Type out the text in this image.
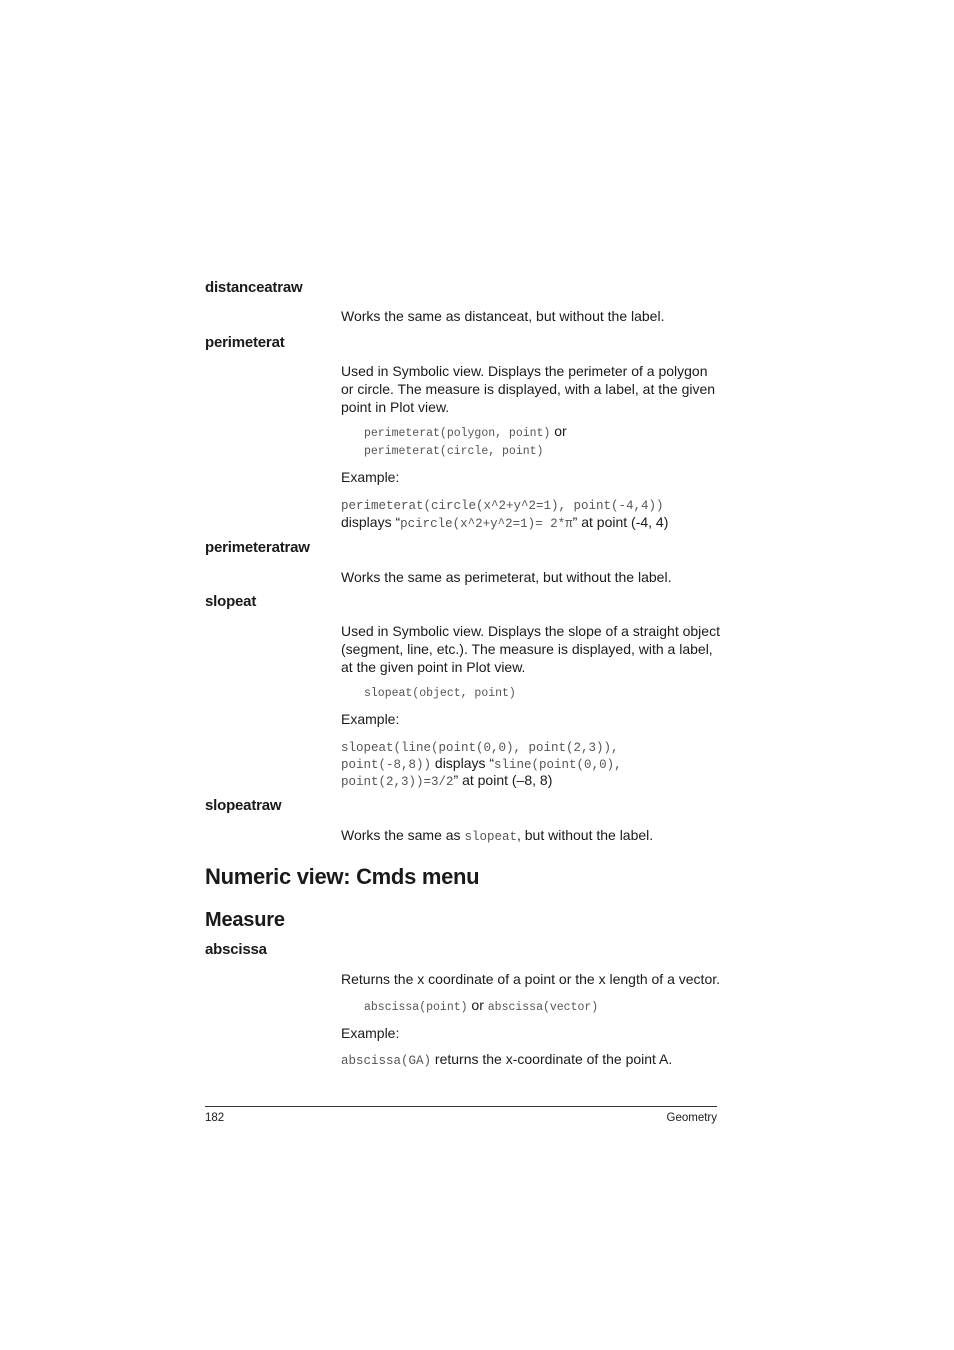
distanceatraw
Works the same as distanceat, but without the label.
perimeterat
Used in Symbolic view. Displays the perimeter of a polygon or circle. The measure is displayed, with a label, at the given point in Plot view.
perimeterat(polygon, point) or
perimeterat(circle, point)
Example:
perimeterat(circle(x^2+y^2=1), point(-4,4))
displays “pcircle(x^2+y^2=1)= 2*π” at point (-4, 4)
perimeteratraw
Works the same as perimeterat, but without the label.
slopeat
Used in Symbolic view. Displays the slope of a straight object (segment, line, etc.). The measure is displayed, with a label, at the given point in Plot view.
slopeat(object, point)
Example:
slopeat(line(point(0,0), point(2,3)),
point(-8,8)) displays “sline(point(0,0),
point(2,3))=3/2” at point (–8, 8)
slopeatraw
Works the same as slopeat, but without the label.
Numeric view: Cmds menu
Measure
abscissa
Returns the x coordinate of a point or the x length of a vector.
abscissa(point) or abscissa(vector)
Example:
abscissa(GA) returns the x-coordinate of the point A.
182	Geometry
